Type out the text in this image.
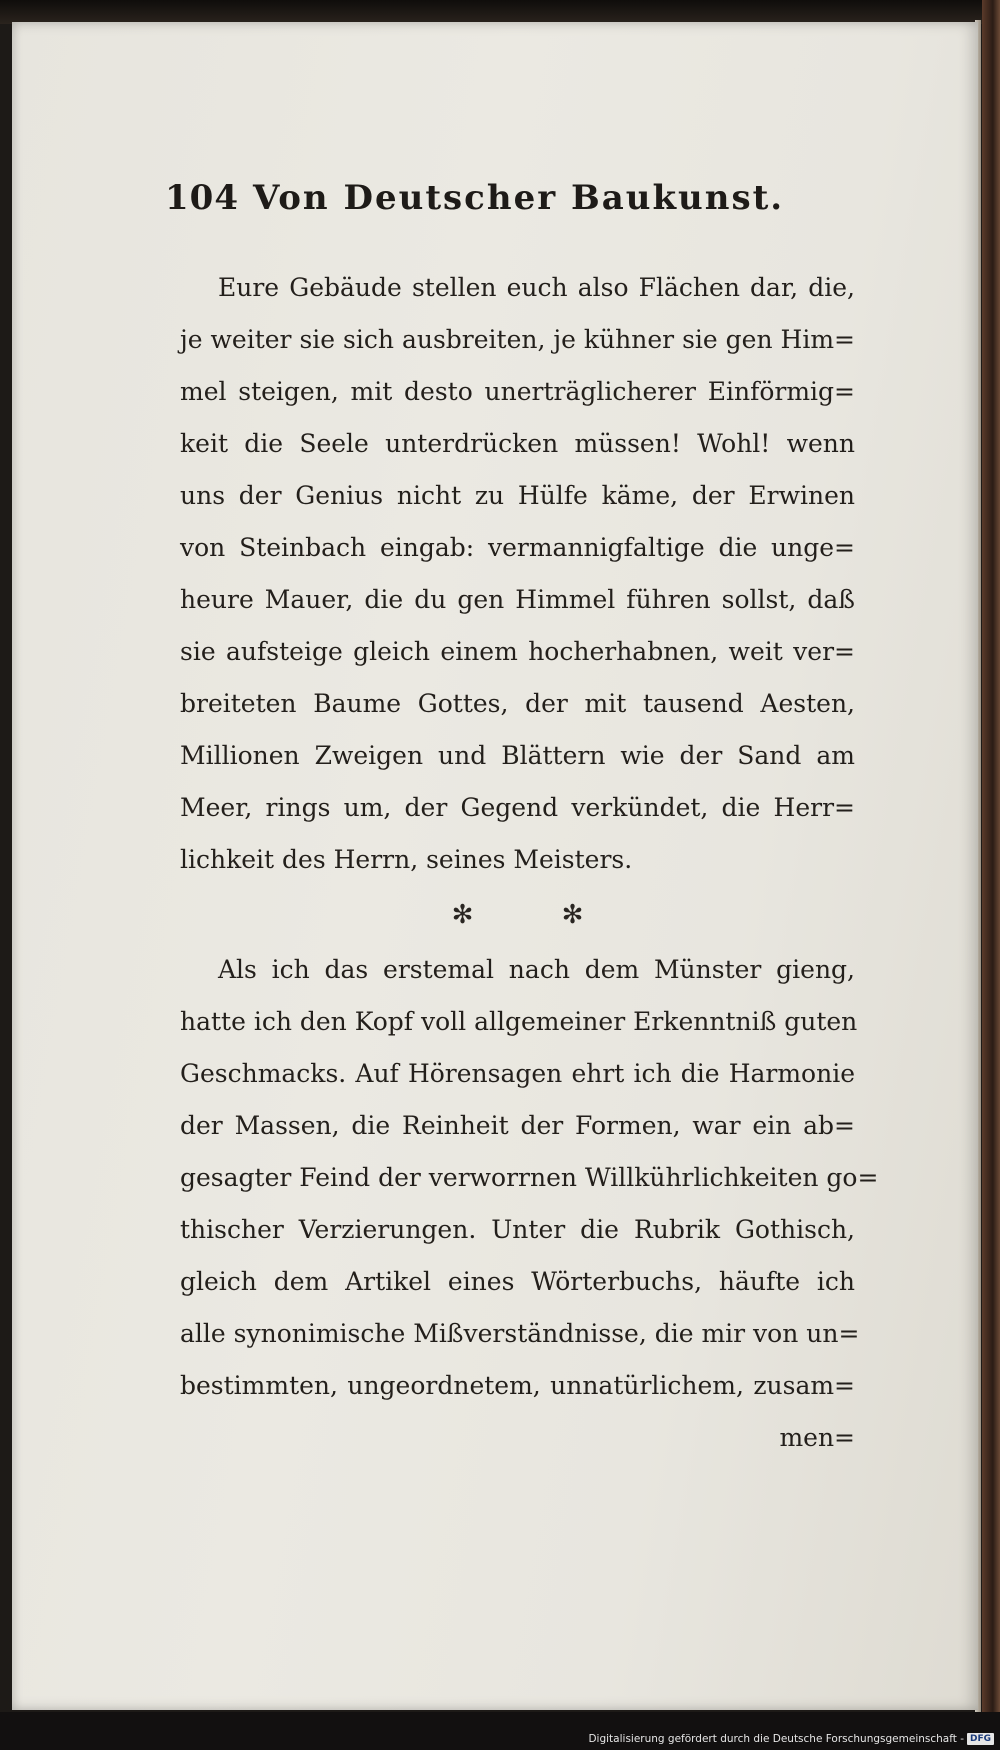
104 Von Deutscher Baukunst.
Eure Gebäude stellen euch also Flächen dar, die,
je weiter sie sich ausbreiten, je kühner sie gen Him=
mel steigen, mit desto unerträglicherer Einförmig=
keit die Seele unterdrücken müssen! Wohl! wenn
uns der Genius nicht zu Hülfe käme, der Erwinen
von Steinbach eingab: vermannigfaltige die unge=
heure Mauer, die du gen Himmel führen sollst, daß
sie aufsteige gleich einem hocherhabnen, weit ver=
breiteten Baume Gottes, der mit tausend Aesten,
Millionen Zweigen und Blättern wie der Sand am
Meer, rings um, der Gegend verkündet, die Herr=
lichkeit des Herrn, seines Meisters.
✻ ✻
Als ich das erstemal nach dem Münster gieng,
hatte ich den Kopf voll allgemeiner Erkenntniß guten
Geschmacks. Auf Hörensagen ehrt ich die Harmonie
der Massen, die Reinheit der Formen, war ein ab=
gesagter Feind der verworrnen Willkührlichkeiten go=
thischer Verzierungen. Unter die Rubrik Gothisch,
gleich dem Artikel eines Wörterbuchs, häufte ich
alle synonimische Mißverständnisse, die mir von un=
bestimmten, ungeordnetem, unnatürlichem, zusam=
men=
Digitalisierung gefördert durch die Deutsche Forschungsgemeinschaft - DFG
